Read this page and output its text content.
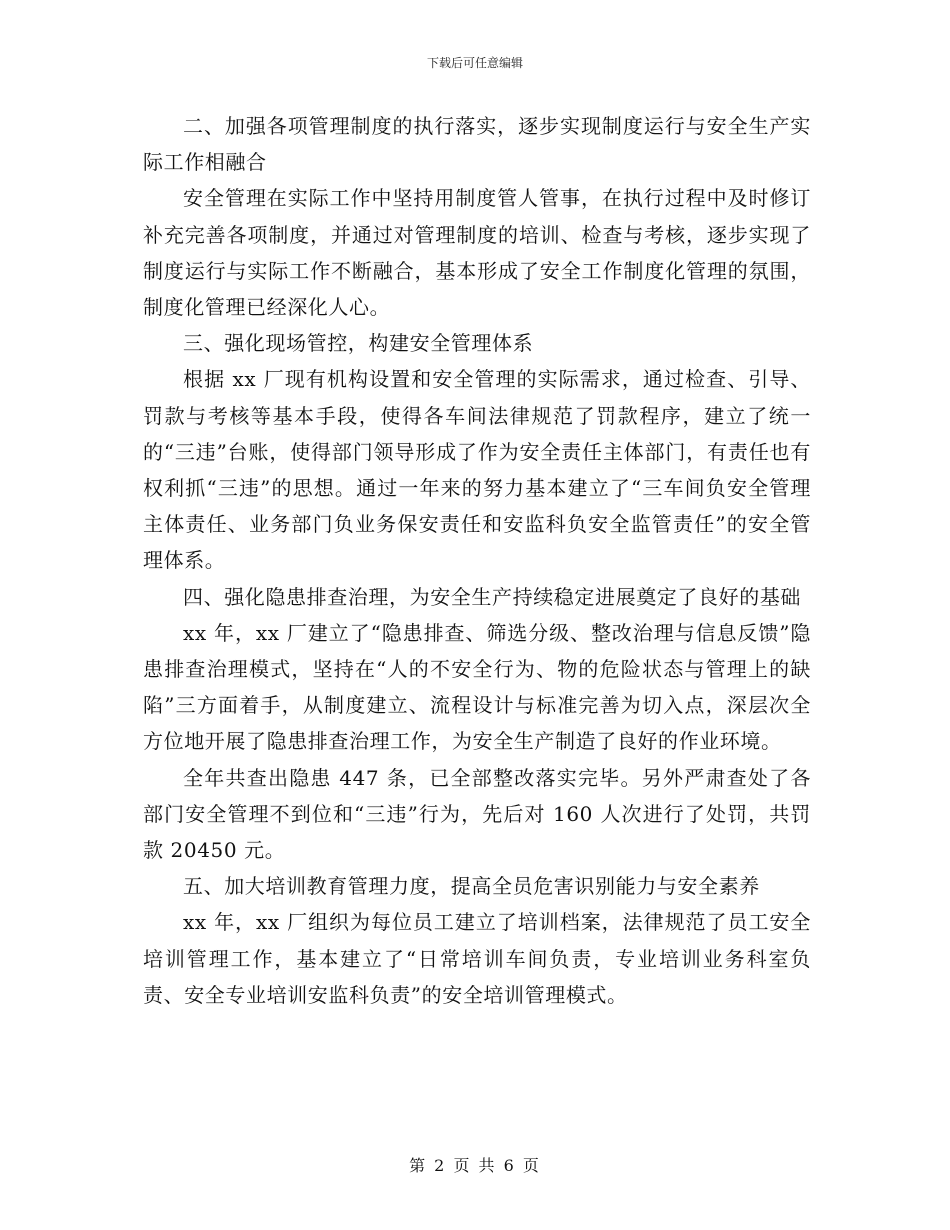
下载后可任意编辑

二、加强各项管理制度的执行落实，逐步实现制度运行与安全生产实际工作相融合

安全管理在实际工作中坚持用制度管人管事，在执行过程中及时修订补充完善各项制度，并通过对管理制度的培训、检查与考核，逐步实现了制度运行与实际工作不断融合，基本形成了安全工作制度化管理的氛围，制度化管理已经深化人心。

三、强化现场管控，构建安全管理体系

根据 xx 厂现有机构设置和安全管理的实际需求，通过检查、引导、罚款与考核等基本手段，使得各车间法律规范了罚款程序，建立了统一的“三违”台账，使得部门领导形成了作为安全责任主体部门，有责任也有权利抓“三违”的思想。通过一年来的努力基本建立了“三车间负安全管理主体责任、业务部门负业务保安责任和安监科负安全监管责任”的安全管理体系。

四、强化隐患排查治理，为安全生产持续稳定进展奠定了良好的基础

xx 年，xx 厂建立了“隐患排查、筛选分级、整改治理与信息反馈”隐患排查治理模式，坚持在“人的不安全行为、物的危险状态与管理上的缺陷”三方面着手，从制度建立、流程设计与标准完善为切入点，深层次全方位地开展了隐患排查治理工作，为安全生产制造了良好的作业环境。

全年共查出隐患 447 条，已全部整改落实完毕。另外严肃查处了各部门安全管理不到位和“三违”行为，先后对 160 人次进行了处罚，共罚款 20450 元。

五、加大培训教育管理力度，提高全员危害识别能力与安全素养

xx 年，xx 厂组织为每位员工建立了培训档案，法律规范了员工安全培训管理工作，基本建立了“日常培训车间负责，专业培训业务科室负责、安全专业培训安监科负责”的安全培训管理模式。

第 2 页 共 6 页
